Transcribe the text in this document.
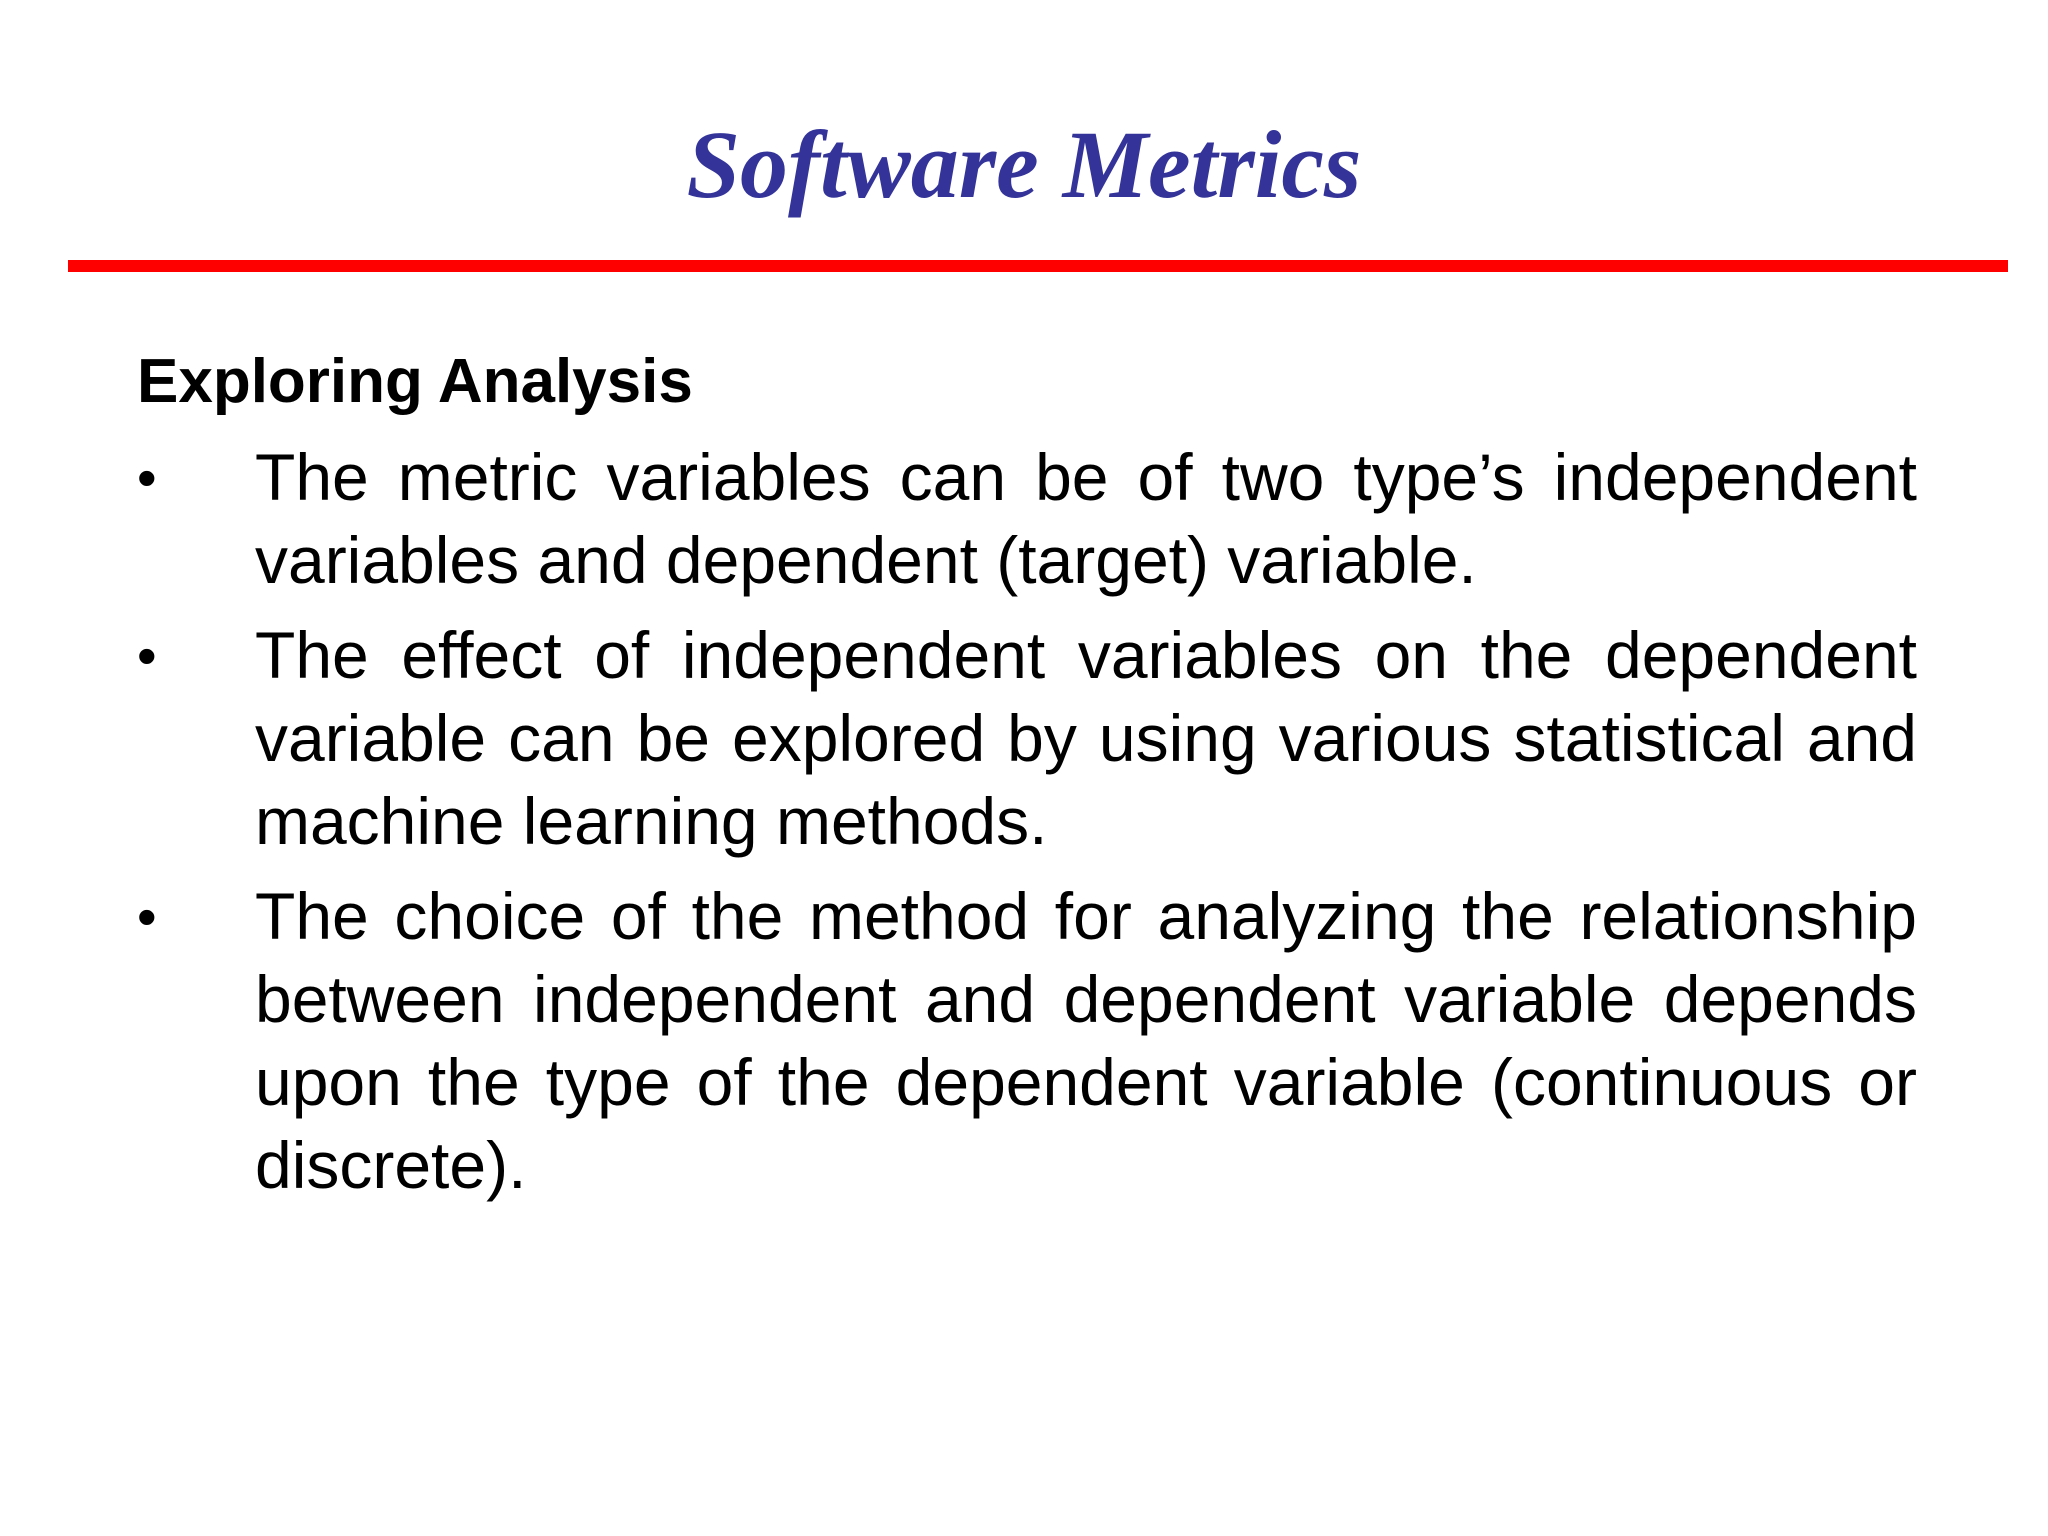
Software Metrics
Exploring Analysis
• The metric variables can be of two type’s independent variables and dependent (target) variable.
• The effect of independent variables on the dependent variable can be explored by using various statistical and machine learning methods.
• The choice of the method for analyzing the relationship between independent and dependent variable depends upon the type of the dependent variable (continuous or discrete).
